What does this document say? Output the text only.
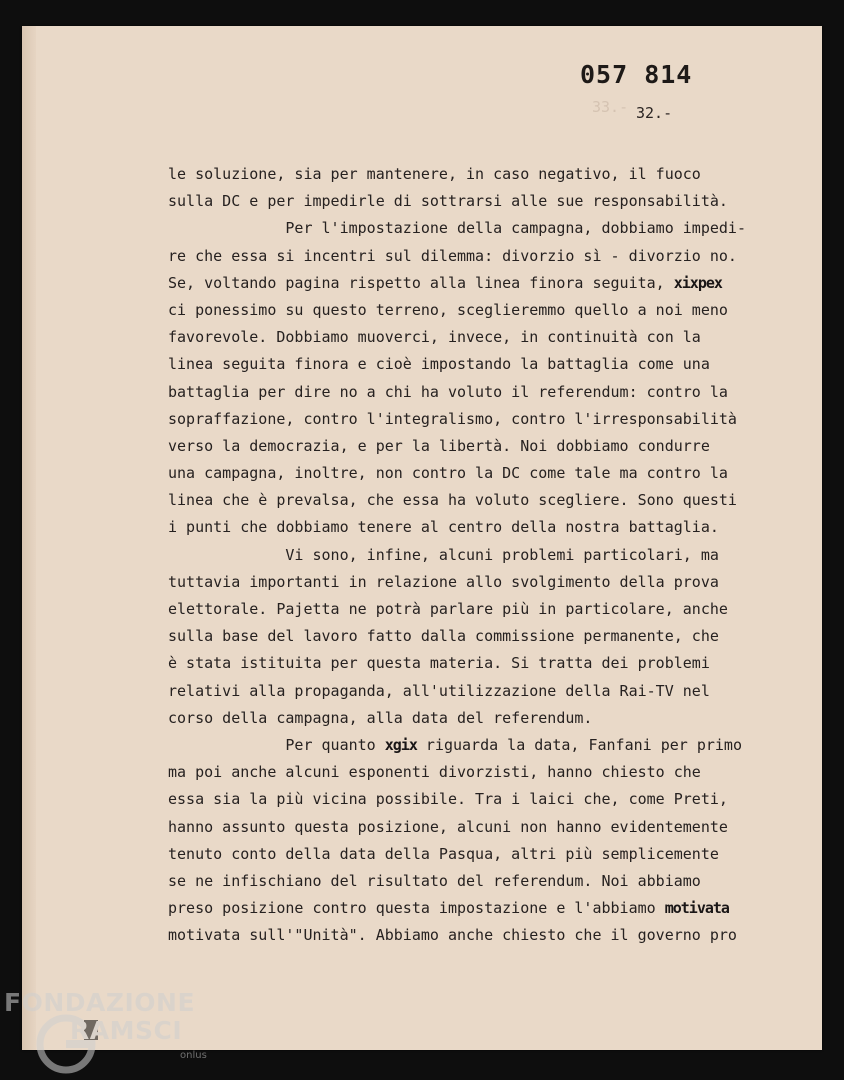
057 814
33.- 32.-
le soluzione, sia per mantenere, in caso negativo, il fuoco
sulla DC e per impedirle di sottrarsi alle sue responsabilità.
Per l'impostazione della campagna, dobbiamo impedi-
re che essa si incentri sul dilemma: divorzio sì - divorzio no.
Se, voltando pagina rispetto alla linea finora seguita, xixpex
ci ponessimo su questo terreno, sceglieremmo quello a noi meno
favorevole. Dobbiamo muoverci, invece, in continuità con la
linea seguita finora e cioè impostando la battaglia come una
battaglia per dire no a chi ha voluto il referendum: contro la
sopraffazione, contro l'integralismo, contro l'irresponsabilità
verso la democrazia, e per la libertà. Noi dobbiamo condurre
una campagna, inoltre, non contro la DC come tale ma contro la
linea che è prevalsa, che essa ha voluto scegliere. Sono questi
i punti che dobbiamo tenere al centro della nostra battaglia.
Vi sono, infine, alcuni problemi particolari, ma
tuttavia importanti in relazione allo svolgimento della prova
elettorale. Pajetta ne potrà parlare più in particolare, anche
sulla base del lavoro fatto dalla commissione permanente, che
è stata istituita per questa materia. Si tratta dei problemi
relativi alla propaganda, all'utilizzazione della Rai-TV nel
corso della campagna, alla data del referendum.
Per quanto xgix riguarda la data, Fanfani per primo
ma poi anche alcuni esponenti divorzisti, hanno chiesto che
essa sia la più vicina possibile. Tra i laici che, come Preti,
hanno assunto questa posizione, alcuni non hanno evidentemente
tenuto conto della data della Pasqua, altri più semplicemente
se ne infischiano del risultato del referendum. Noi abbiamo
preso posizione contro questa impostazione e l'abbiamo motivata
motivata sull'"Unità". Abbiamo anche chiesto che il governo pro
FONDAZIONE
RAMSCI
onlus
